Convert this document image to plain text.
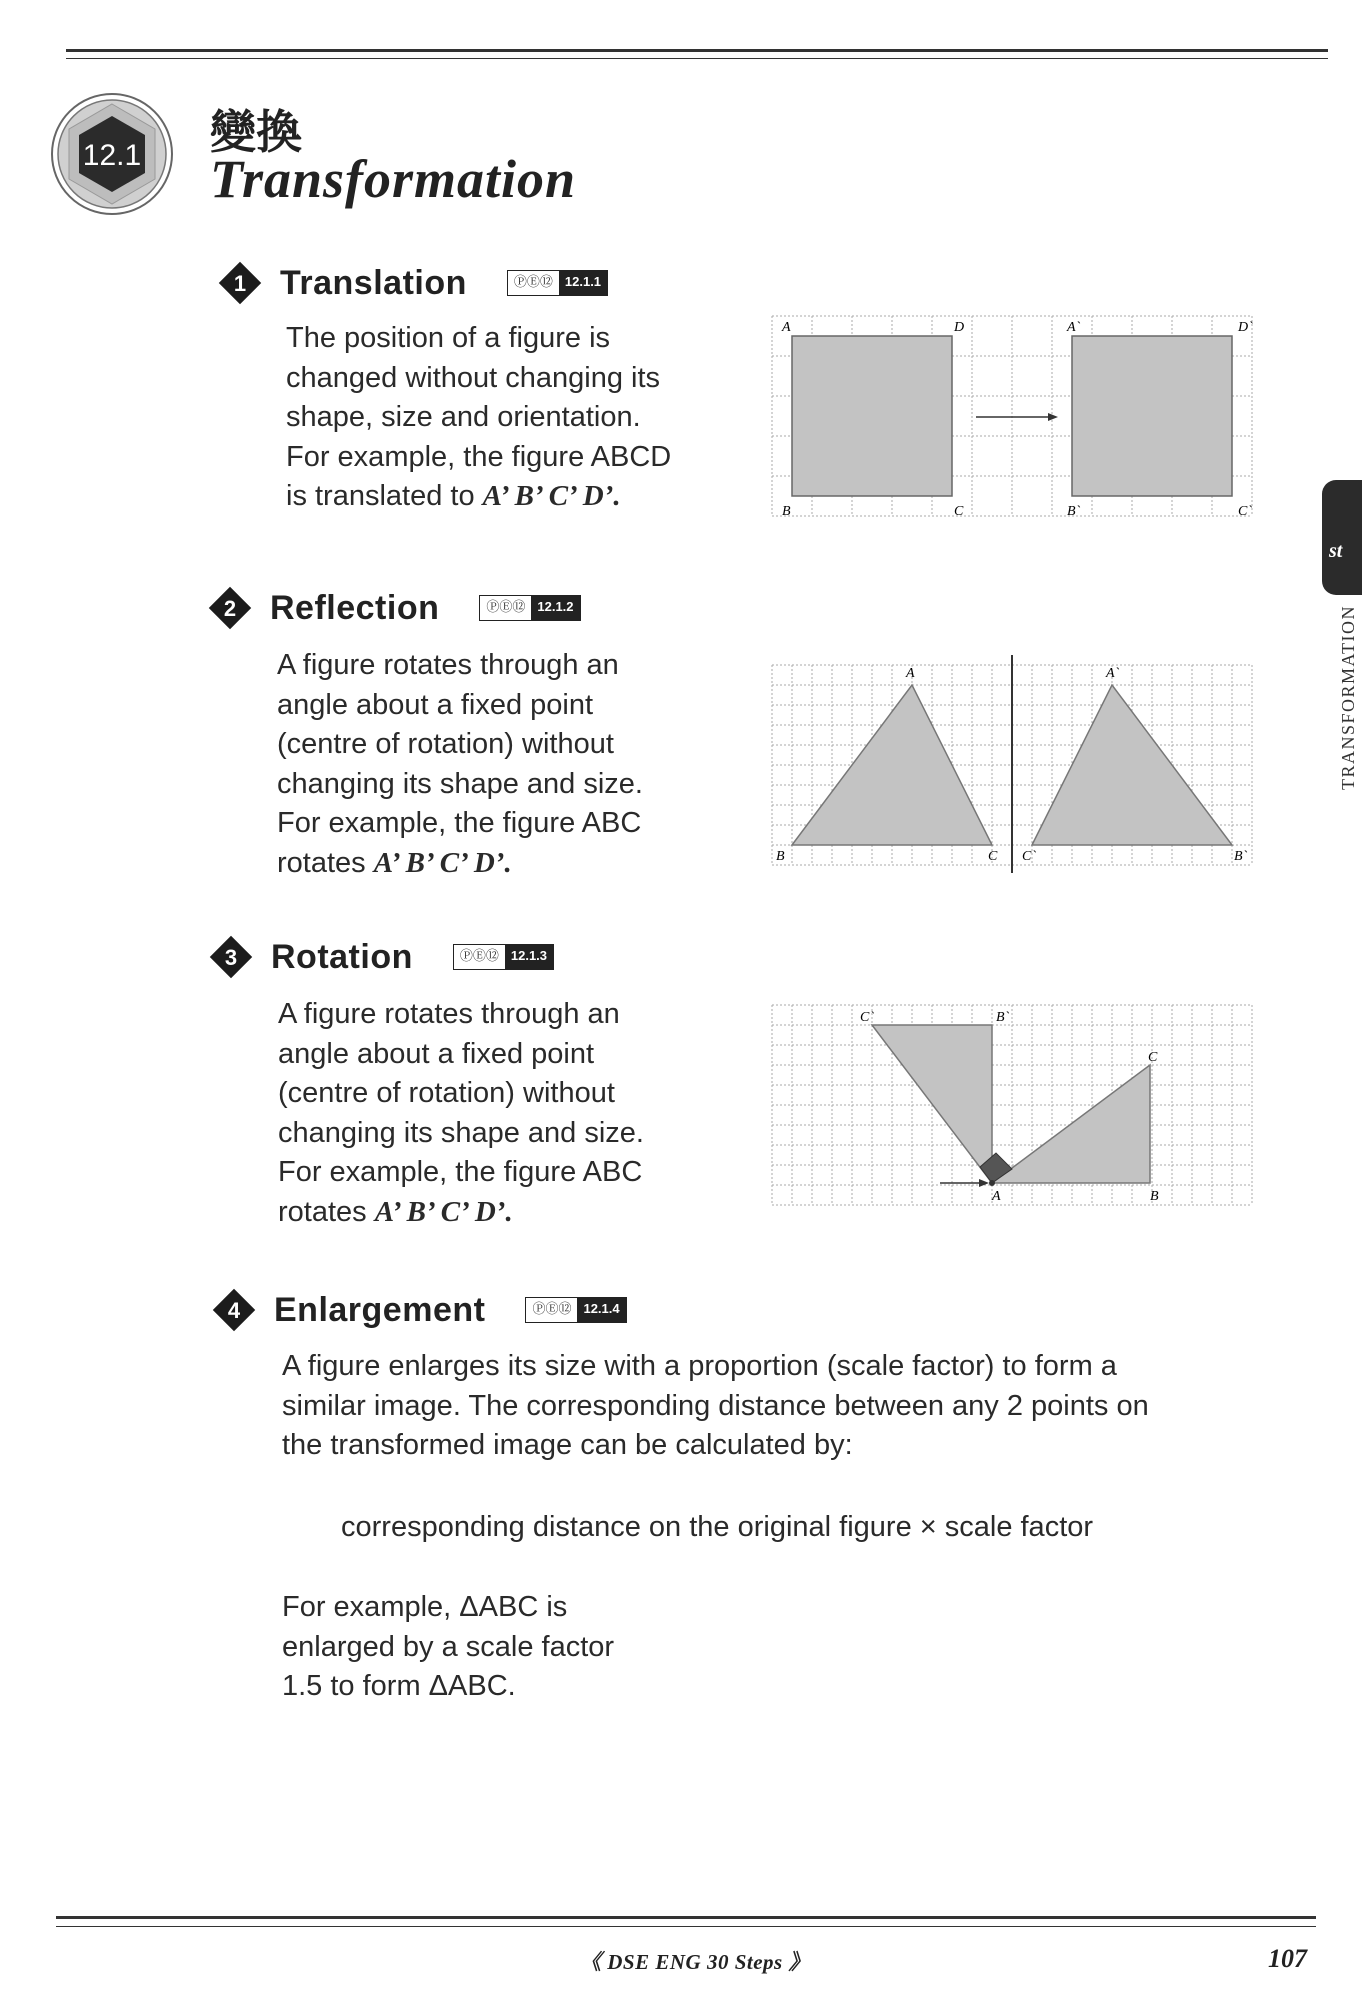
12.1 變換
Transformation
1 Translation	ⓅⒺ⑫ 12.1.1
The position of a figure is
changed without changing its
shape, size and orientation.
For example, the figure ABCD
is translated to A’ B’ C’ D’.
A	D
B	C
A`	D`
B`	C`
2 Reflection	ⓅⒺ⑫ 12.1.2
A figure rotates through an
angle about a fixed point
(centre of rotation) without
changing its shape and size.
For example, the figure ABC
rotates A’ B’ C’ D’.
A
B	C
A`
C`	B`
3 Rotation	ⓅⒺ⑫ 12.1.3
A figure rotates through an
angle about a fixed point
(centre of rotation) without
changing its shape and size.
For example, the figure ABC
rotates A’ B’ C’ D’.
C`	B`
C
A	B
4 Enlargement	ⓅⒺ⑫ 12.1.4
A figure enlarges its size with a proportion (scale factor) to form a
similar image. The corresponding distance between any 2 points on
the transformed image can be calculated by:
corresponding distance on the original figure × scale factor
For example, ΔABC is
enlarged by a scale factor
1.5 to form ΔABC.
st
TRANSFORMATION
《 DSE ENG 30 Steps 》	107
